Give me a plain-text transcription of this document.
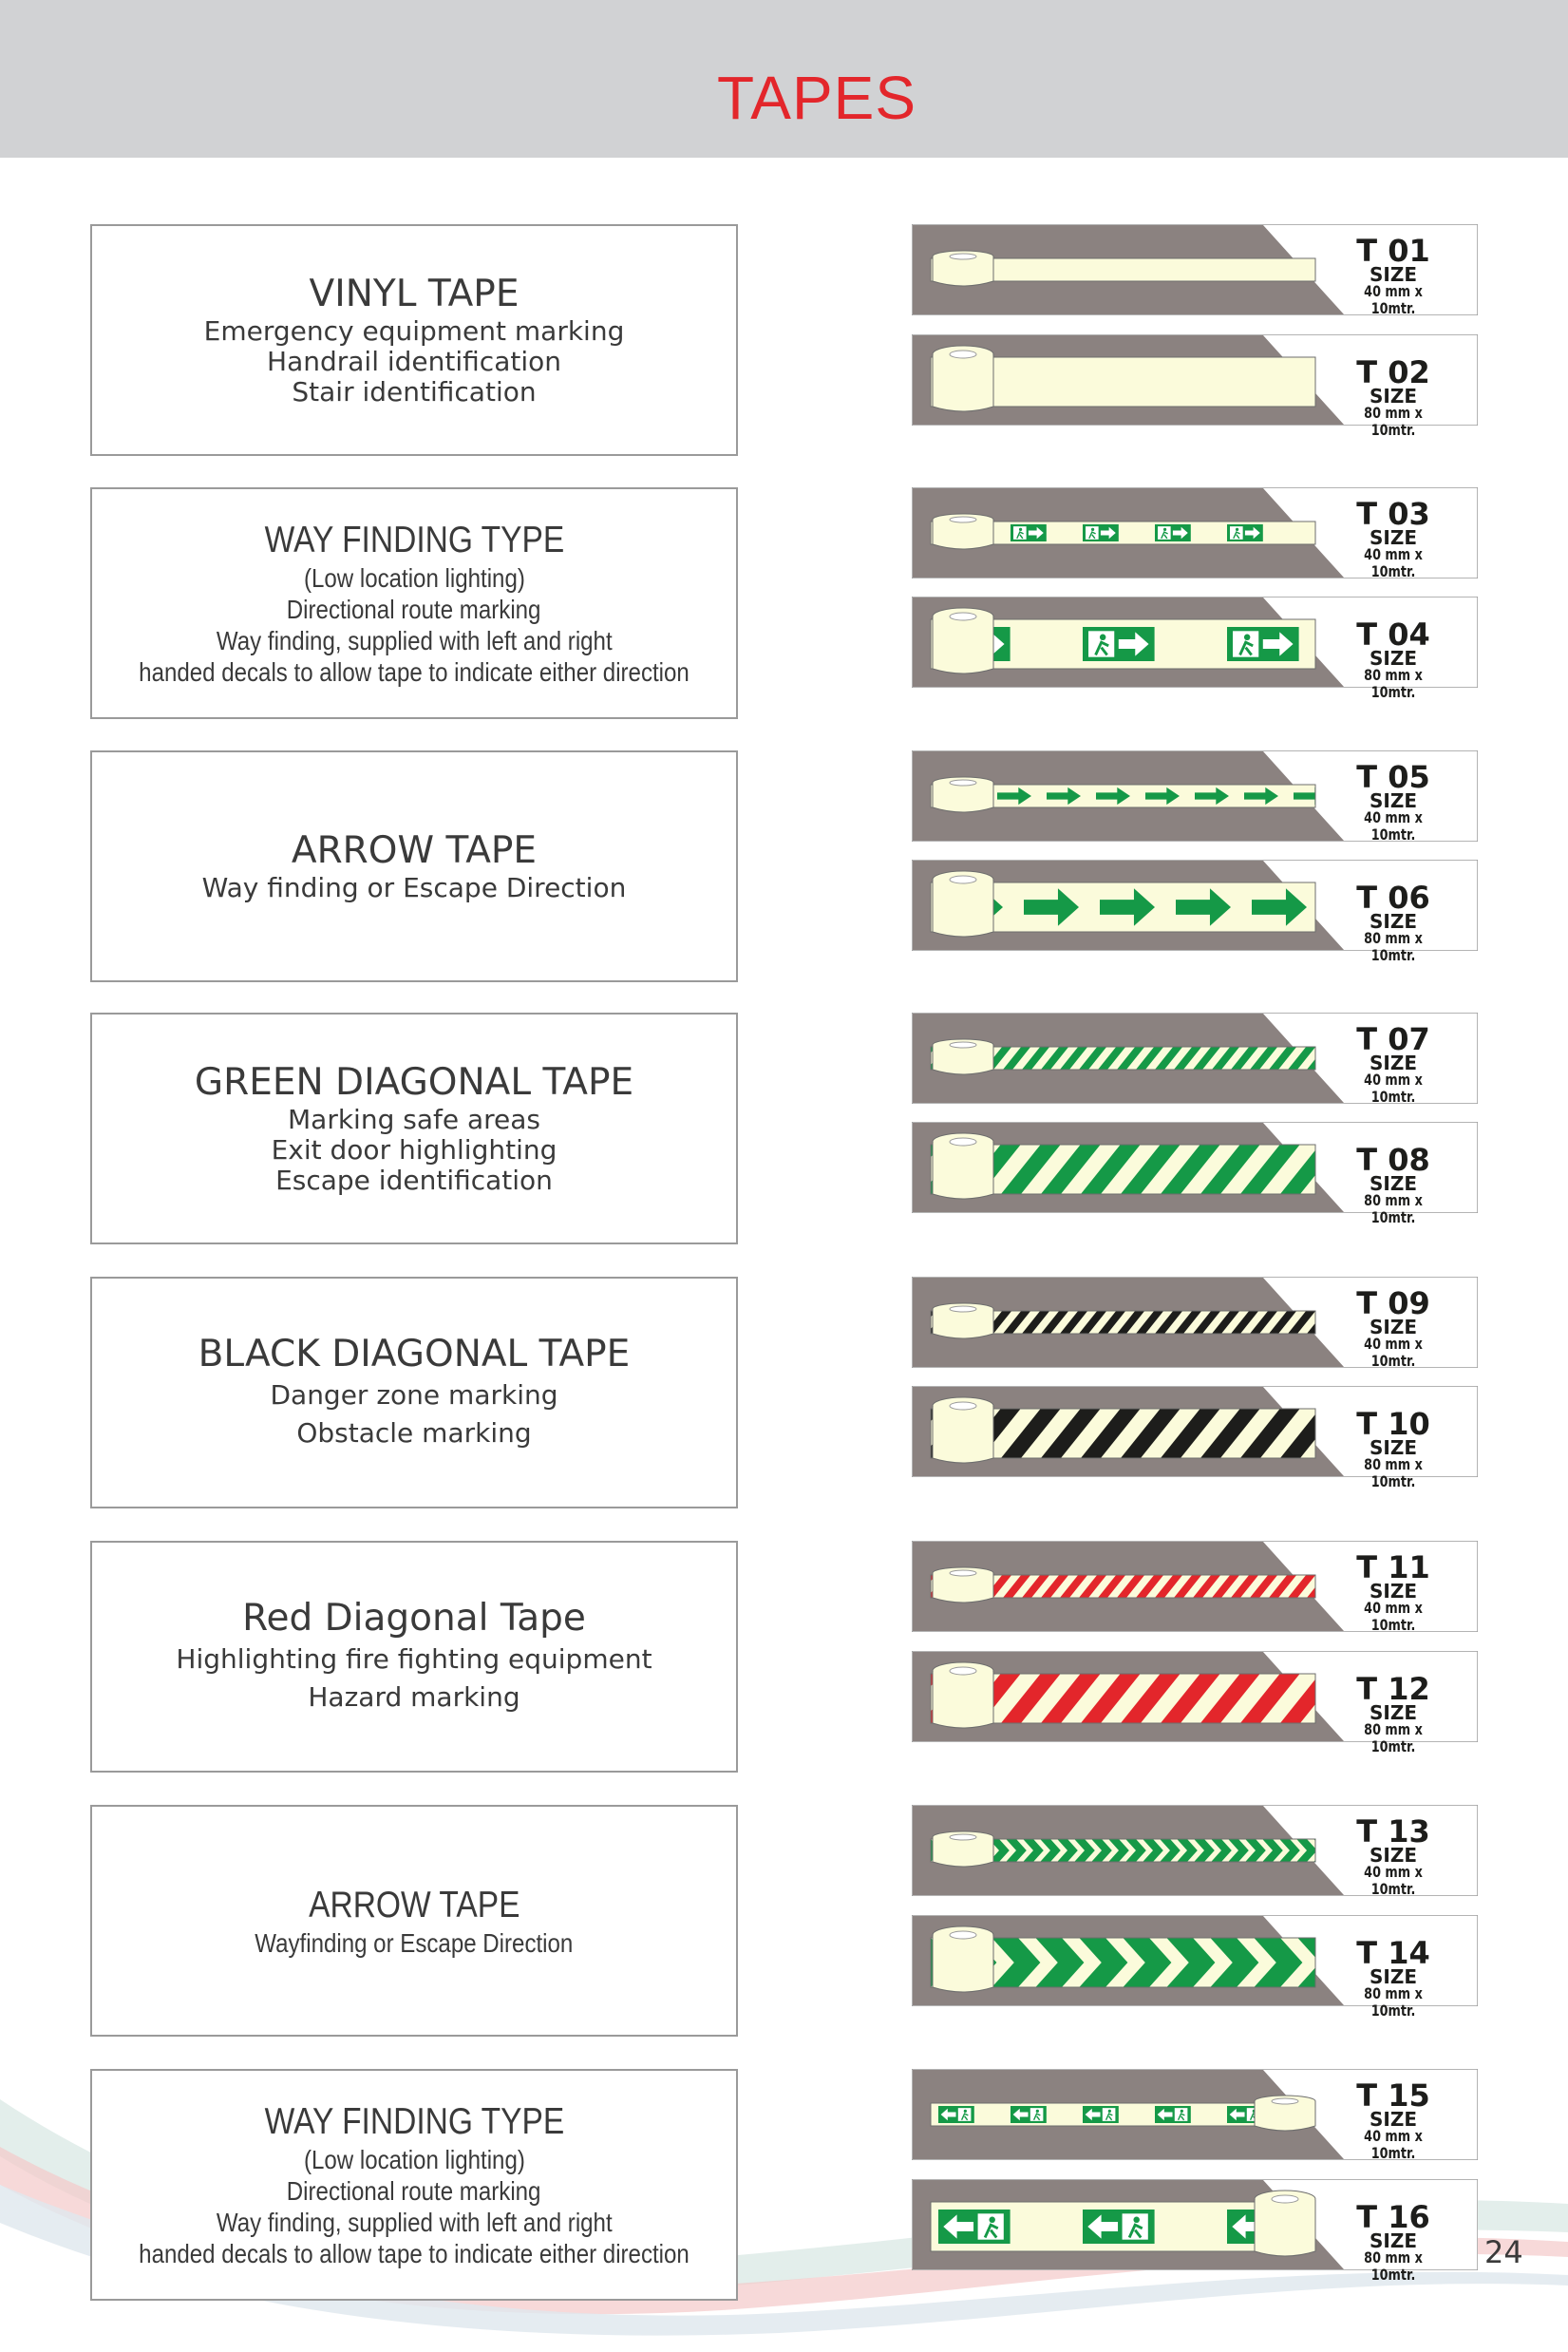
TAPES
VINYL TAPE
Emergency equipment marking
Handrail identification
Stair identification
WAY FINDING TYPE
(Low location lighting)
Directional route marking
Way finding, supplied with left and right
handed decals to allow tape to indicate either direction
ARROW TAPE
Way finding or Escape Direction
GREEN DIAGONAL TAPE
Marking safe areas
Exit door highlighting
Escape identification
BLACK DIAGONAL TAPE
Danger zone marking
Obstacle marking
Red Diagonal Tape
Highlighting fire fighting equipment
Hazard marking
ARROW TAPE
Wayfinding or Escape Direction
WAY FINDING TYPE
(Low location lighting)
Directional route marking
Way finding, supplied with left and right
handed decals to allow tape to indicate either direction
T 01
SIZE
40 mm x 10mtr.
T 02
SIZE
80 mm x 10mtr.
T 03
SIZE
40 mm x 10mtr.
T 04
SIZE
80 mm x 10mtr.
T 05
SIZE
40 mm x 10mtr.
T 06
SIZE
80 mm x 10mtr.
T 07
SIZE
40 mm x 10mtr.
T 08
SIZE
80 mm x 10mtr.
T 09
SIZE
40 mm x 10mtr.
T 10
SIZE
80 mm x 10mtr.
T 11
SIZE
40 mm x 10mtr.
T 12
SIZE
80 mm x 10mtr.
T 13
SIZE
40 mm x 10mtr.
T 14
SIZE
80 mm x 10mtr.
T 15
SIZE
40 mm x 10mtr.
T 16
SIZE
80 mm x 10mtr.
24
